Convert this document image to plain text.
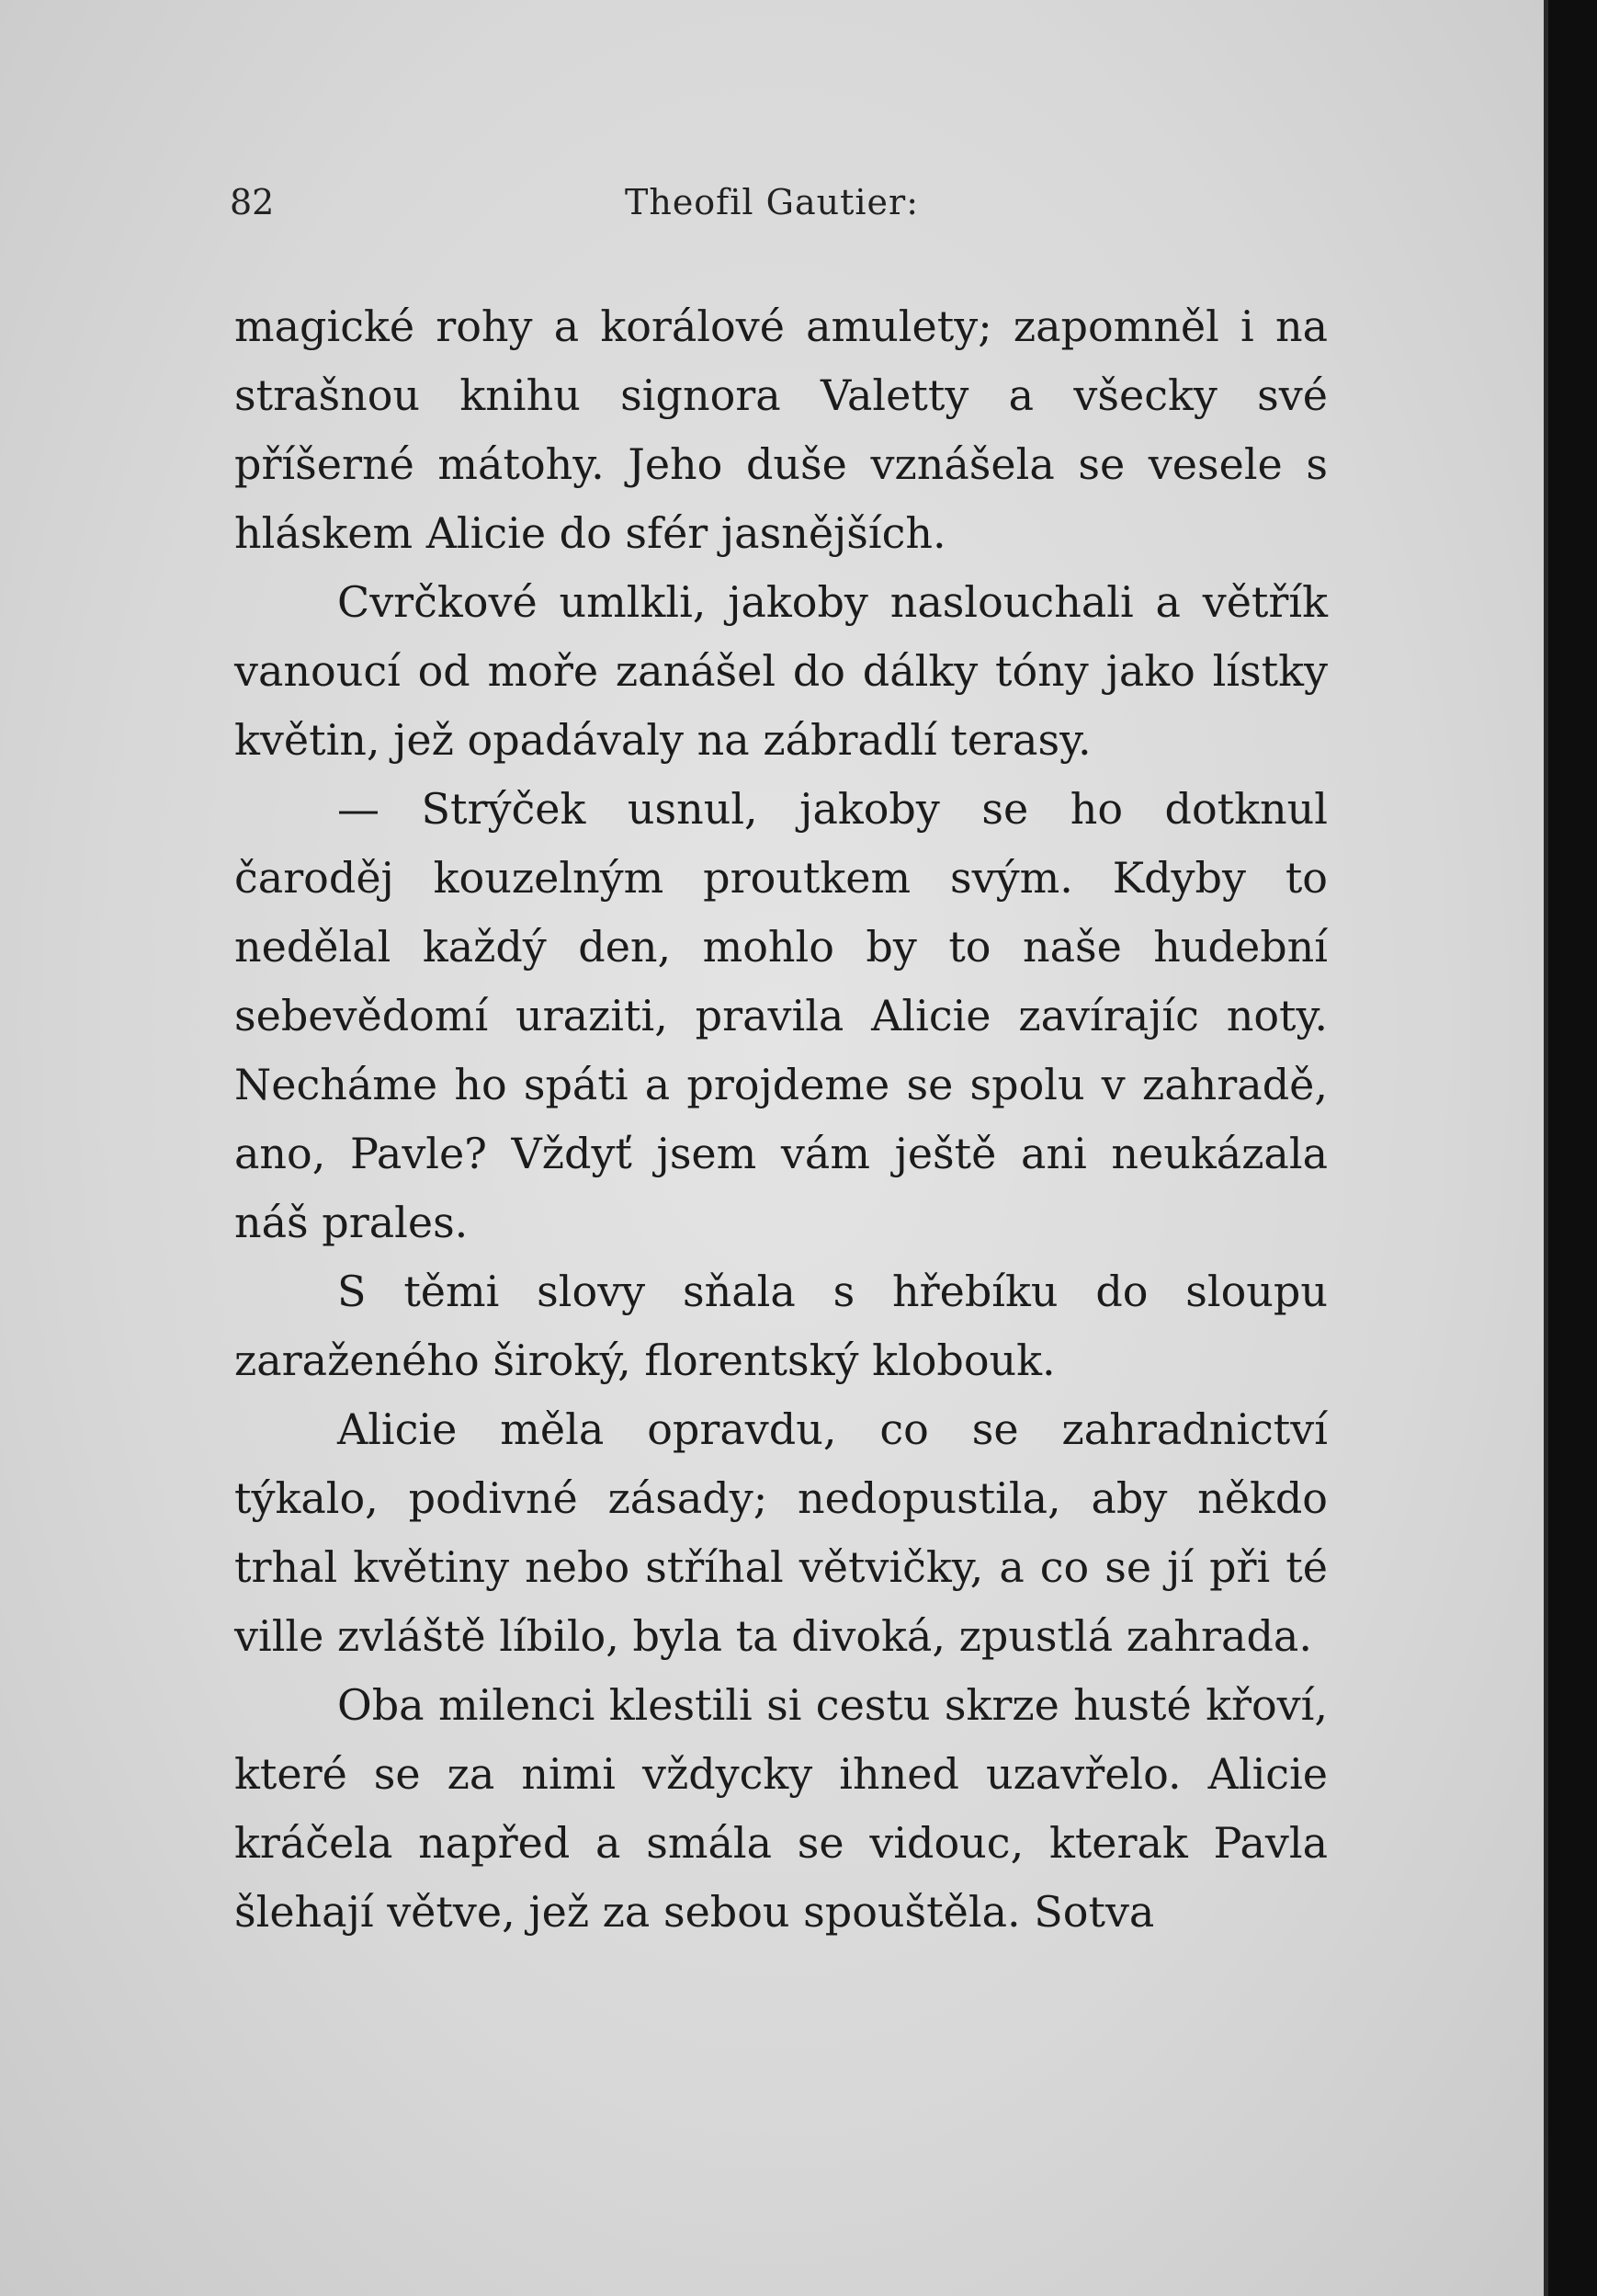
82	Theofil Gautier:

magické rohy a korálové amulety; zapomněl i na strašnou knihu signora Valetty a všecky své příšerné mátohy. Jeho duše vznášela se vesele s hláskem Alicie do sfér jasnějších.

Cvrčkové umlkli, jakoby naslouchali a větřík vanoucí od moře zanášel do dálky tóny jako lístky květin, jež opadávaly na zábradlí terasy.

— Strýček usnul, jakoby se ho dotknul čaroděj kouzelným proutkem svým. Kdyby to nedělal každý den, mohlo by to naše hudební sebevědomí uraziti, pravila Alicie zavírajíc noty. Necháme ho spáti a projdeme se spolu v zahradě, ano, Pavle? Vždyť jsem vám ještě ani neukázala náš prales.

S těmi slovy sňala s hřebíku do sloupu zaraženého široký, florentský klobouk.

Alicie měla opravdu, co se zahradnictví týkalo, podivné zásady; nedopustila, aby někdo trhal květiny nebo stříhal větvičky, a co se jí při té ville zvláště líbilo, byla ta divoká, zpustlá zahrada.

Oba milenci klestili si cestu skrze husté křoví, které se za nimi vždycky ihned uzavřelo. Alicie kráčela napřed a smála se vidouc, kterak Pavla šlehají větve, jež za sebou spouštěla. Sotva
